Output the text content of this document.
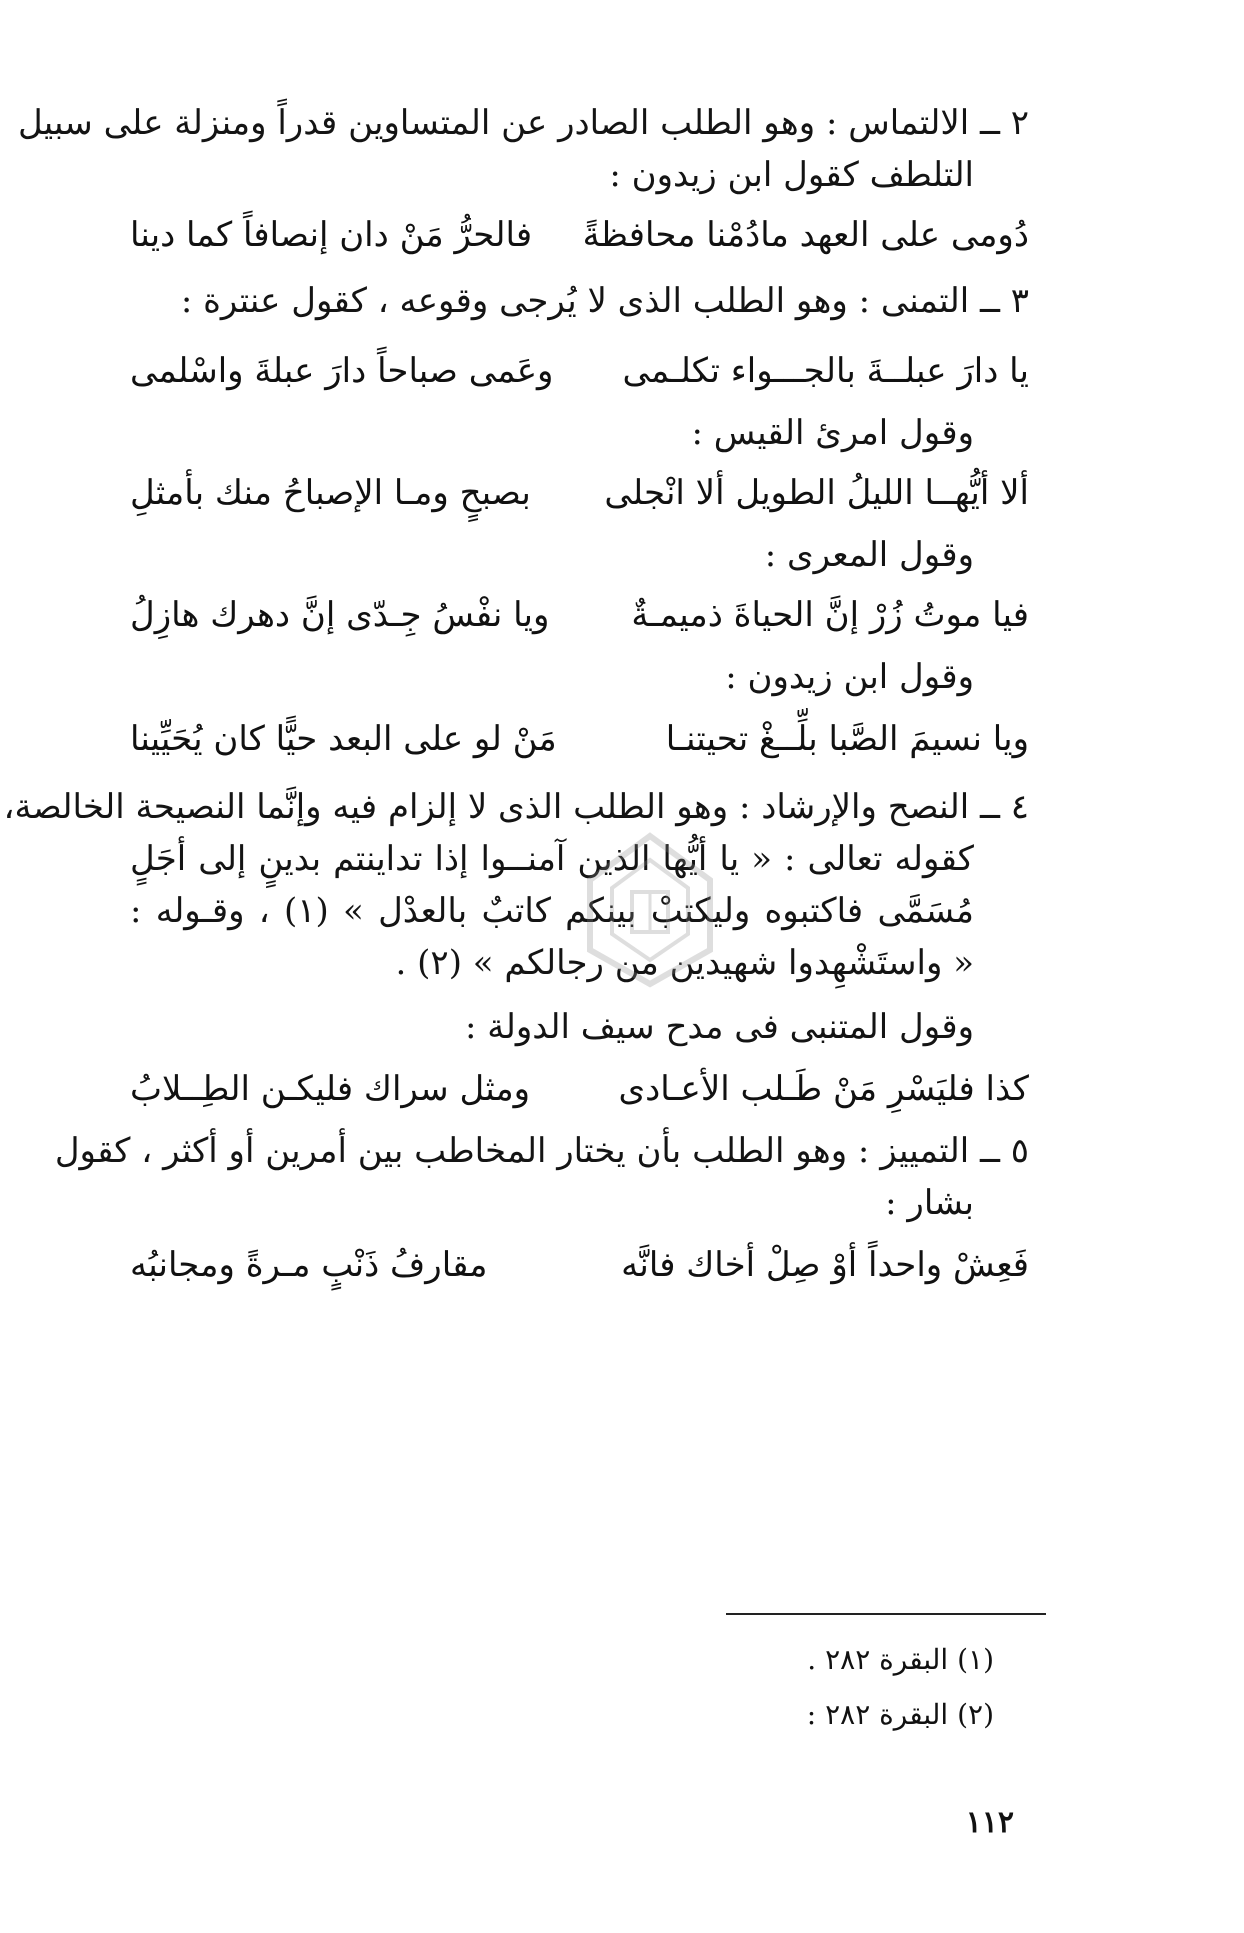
٢ ــ الالتماس : وهو الطلب الصادر عن المتساوين قدراً ومنزلة على سبيل
التلطف كقول ابن زيدون :
دُومى على العهد مادُمْنا محافظةً
فالحرُّ مَنْ دان إنصافاً كما دينا
٣ ــ التمنى : وهو الطلب الذى لا يُرجى وقوعه ، كقول عنترة :
يا دارَ عبلــةَ بالجـــواء تكلـمى
وعَمى صباحاً دارَ عبلةَ واسْلمى
وقول امرئ القيس :
ألا أيُّهــا الليلُ الطويل ألا انْجلى
بصبحٍ ومـا الإصباحُ منك بأمثلِ
وقول المعرى :
فيا موتُ زُرْ إنَّ الحياةَ ذميمـةٌ
ويا نفْسُ جِـدّى إنَّ دهرك هازِلُ
وقول ابن زيدون :
ويا نسيمَ الصَّبا بلِّــغْ تحيتنـا
مَنْ لو على البعد حيًّا كان يُحَيِّينا
٤ ــ النصح والإرشاد : وهو الطلب الذى لا إلزام فيه وإنَّما النصيحة الخالصة،
كقوله تعالى : « يا أيُّها الذين آمنــوا إذا تداينتم بدينٍ إلى أجَلٍ
مُسَمَّى فاكتبوه وليكتبْ بينكم كاتبٌ بالعدْل » (١) ، وقـوله :
« واستَشْهِدوا شهيدين من رجالكم » (٢) .
وقول المتنبى فى مدح سيف الدولة :
كذا فليَسْرِ مَنْ طَـلب الأعـادى
ومثل سراك فليكـن الطِــلابُ
٥ ــ التمييز : وهو الطلب بأن يختار المخاطب بين أمرين أو أكثر ، كقول
بشار :
فَعِشْ واحداً أوْ صِلْ أخاك فانَّه
مقارفُ ذَنْبٍ مـرةً ومجانبُه
(١) البقرة ٢٨٢ .
(٢) البقرة ٢٨٢ :
١١٢
